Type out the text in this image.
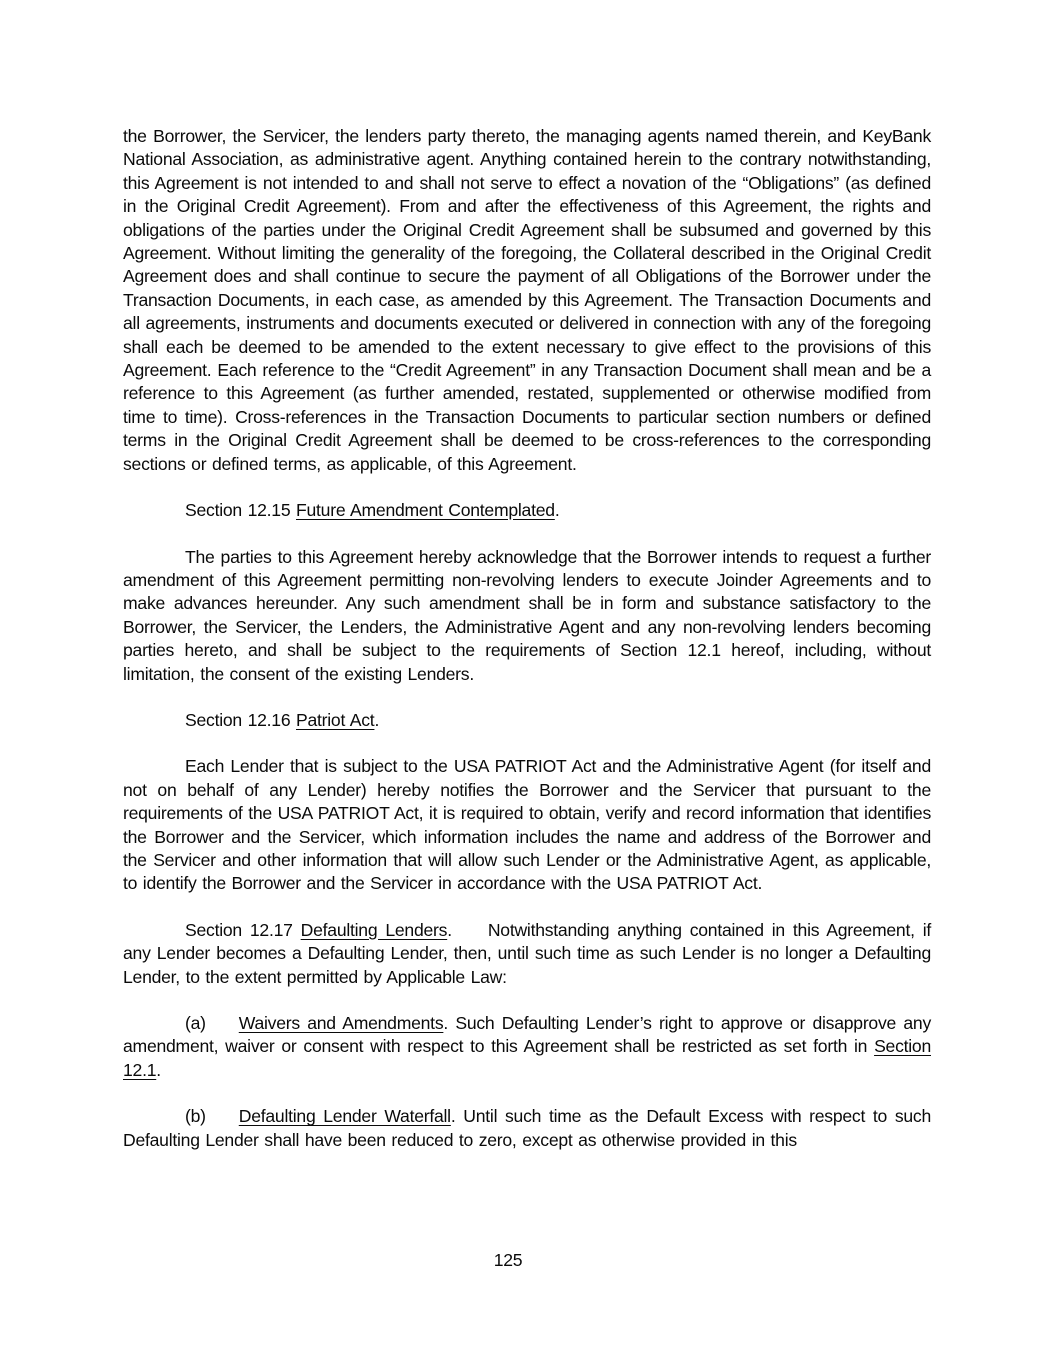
the Borrower, the Servicer, the lenders party thereto, the managing agents named therein, and KeyBank National Association, as administrative agent. Anything contained herein to the contrary notwithstanding, this Agreement is not intended to and shall not serve to effect a novation of the “Obligations” (as defined in the Original Credit Agreement). From and after the effectiveness of this Agreement, the rights and obligations of the parties under the Original Credit Agreement shall be subsumed and governed by this Agreement. Without limiting the generality of the foregoing, the Collateral described in the Original Credit Agreement does and shall continue to secure the payment of all Obligations of the Borrower under the Transaction Documents, in each case, as amended by this Agreement. The Transaction Documents and all agreements, instruments and documents executed or delivered in connection with any of the foregoing shall each be deemed to be amended to the extent necessary to give effect to the provisions of this Agreement. Each reference to the “Credit Agreement” in any Transaction Document shall mean and be a reference to this Agreement (as further amended, restated, supplemented or otherwise modified from time to time). Cross-references in the Transaction Documents to particular section numbers or defined terms in the Original Credit Agreement shall be deemed to be cross-references to the corresponding sections or defined terms, as applicable, of this Agreement.

Section 12.15 Future Amendment Contemplated.

The parties to this Agreement hereby acknowledge that the Borrower intends to request a further amendment of this Agreement permitting non-revolving lenders to execute Joinder Agreements and to make advances hereunder. Any such amendment shall be in form and substance satisfactory to the Borrower, the Servicer, the Lenders, the Administrative Agent and any non-revolving lenders becoming parties hereto, and shall be subject to the requirements of Section 12.1 hereof, including, without limitation, the consent of the existing Lenders.

Section 12.16 Patriot Act.

Each Lender that is subject to the USA PATRIOT Act and the Administrative Agent (for itself and not on behalf of any Lender) hereby notifies the Borrower and the Servicer that pursuant to the requirements of the USA PATRIOT Act, it is required to obtain, verify and record information that identifies the Borrower and the Servicer, which information includes the name and address of the Borrower and the Servicer and other information that will allow such Lender or the Administrative Agent, as applicable, to identify the Borrower and the Servicer in accordance with the USA PATRIOT Act.

Section 12.17 Defaulting Lenders. Notwithstanding anything contained in this Agreement, if any Lender becomes a Defaulting Lender, then, until such time as such Lender is no longer a Defaulting Lender, to the extent permitted by Applicable Law:

(a) Waivers and Amendments. Such Defaulting Lender’s right to approve or disapprove any amendment, waiver or consent with respect to this Agreement shall be restricted as set forth in Section 12.1.

(b) Defaulting Lender Waterfall. Until such time as the Default Excess with respect to such Defaulting Lender shall have been reduced to zero, except as otherwise provided in this

125
